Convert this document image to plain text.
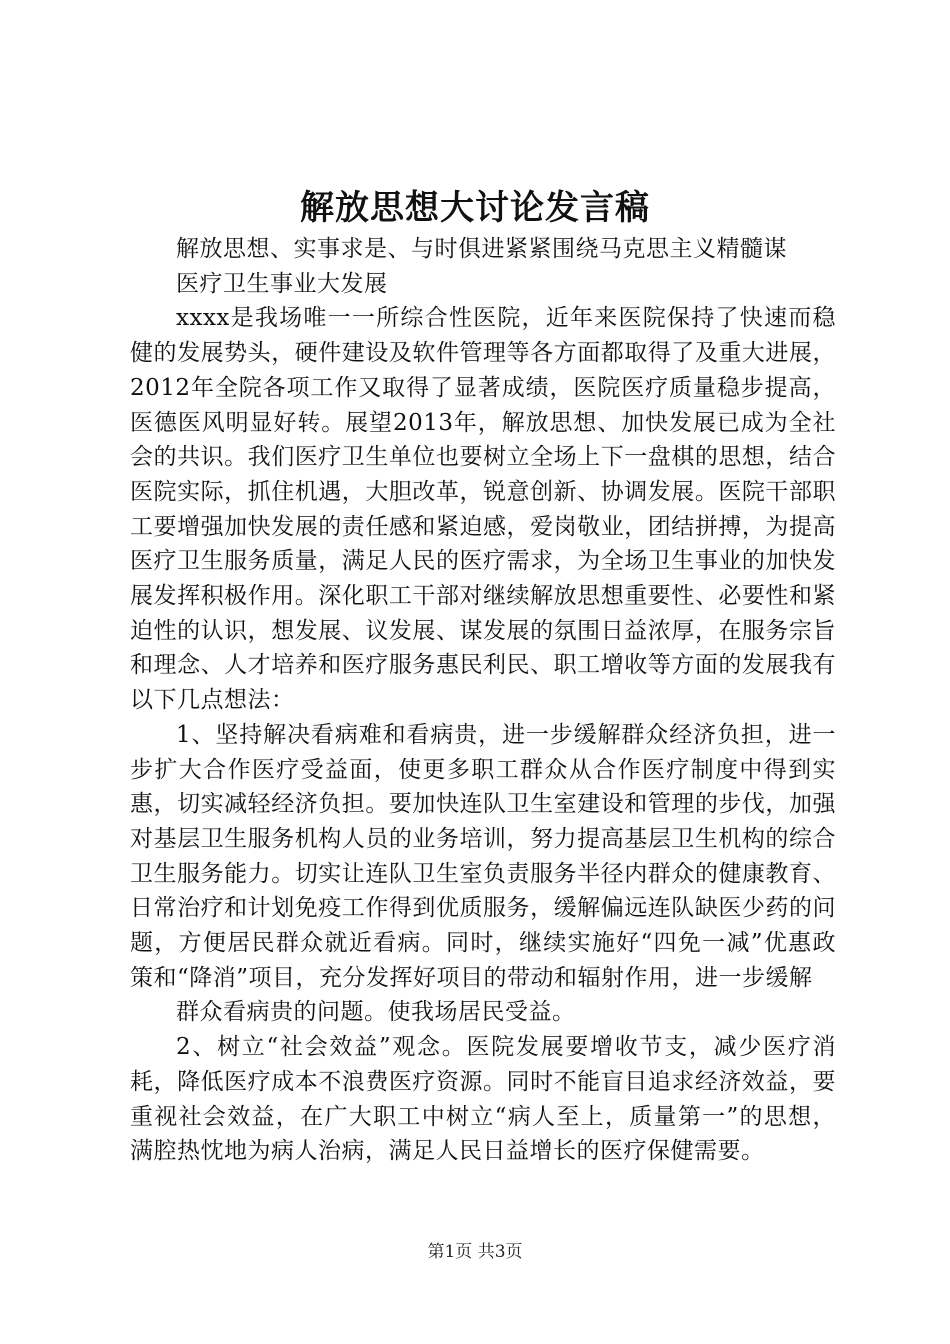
解放思想大讨论发言稿

解放思想、实事求是、与时俱进紧紧围绕马克思主义精髓谋

医疗卫生事业大发展

xxxx是我场唯一一所综合性医院，近年来医院保持了快速而稳健的发展势头，硬件建设及软件管理等各方面都取得了及重大进展，2012年全院各项工作又取得了显著成绩，医院医疗质量稳步提高，医德医风明显好转。展望2013年，解放思想、加快发展已成为全社会的共识。我们医疗卫生单位也要树立全场上下一盘棋的思想，结合医院实际，抓住机遇，大胆改革，锐意创新、协调发展。医院干部职工要增强加快发展的责任感和紧迫感，爱岗敬业，团结拼搏，为提高医疗卫生服务质量，满足人民的医疗需求，为全场卫生事业的加快发展发挥积极作用。深化职工干部对继续解放思想重要性、必要性和紧迫性的认识，想发展、议发展、谋发展的氛围日益浓厚，在服务宗旨和理念、人才培养和医疗服务惠民利民、职工增收等方面的发展我有以下几点想法：

1、坚持解决看病难和看病贵，进一步缓解群众经济负担，进一步扩大合作医疗受益面，使更多职工群众从合作医疗制度中得到实惠，切实减轻经济负担。要加快连队卫生室建设和管理的步伐，加强对基层卫生服务机构人员的业务培训，努力提高基层卫生机构的综合卫生服务能力。切实让连队卫生室负责服务半径内群众的健康教育、日常治疗和计划免疫工作得到优质服务，缓解偏远连队缺医少药的问题，方便居民群众就近看病。同时，继续实施好“四免一减”优惠政策和“降消”项目，充分发挥好项目的带动和辐射作用，进一步缓解

群众看病贵的问题。使我场居民受益。

2、树立“社会效益”观念。医院发展要增收节支，减少医疗消耗，降低医疗成本不浪费医疗资源。同时不能盲目追求经济效益，要重视社会效益，在广大职工中树立“病人至上，质量第一”的思想，满腔热忱地为病人治病，满足人民日益增长的医疗保健需要。

第1页 共3页
